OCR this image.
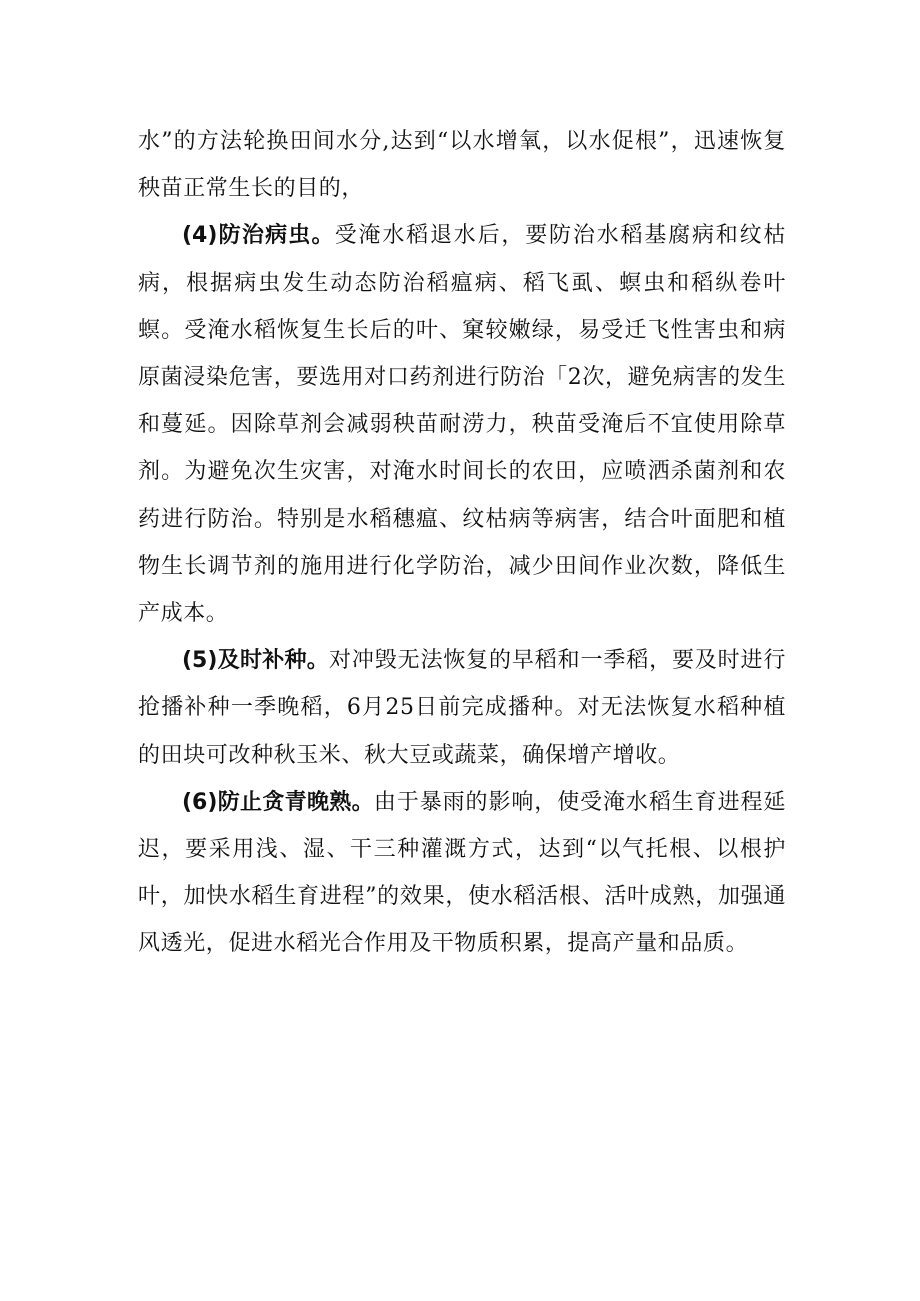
水”的方法轮换田间水分,达到“以水增氧，以水促根”，迅速恢复秧苗正常生长的目的，

(4)防治病虫。受淹水稻退水后，要防治水稻基腐病和纹枯病，根据病虫发生动态防治稻瘟病、稻飞虱、螟虫和稻纵卷叶螟。受淹水稻恢复生长后的叶、窠较嫩绿，易受迁飞性害虫和病原菌浸染危害，要选用对口药剂进行防治「2次，避免病害的发生和蔓延。因除草剂会减弱秧苗耐涝力，秧苗受淹后不宜使用除草剂。为避免次生灾害，对淹水时间长的农田，应喷洒杀菌剂和农药进行防治。特别是水稻穗瘟、纹枯病等病害，结合叶面肥和植物生长调节剂的施用进行化学防治，减少田间作业次数，降低生产成本。

(5)及时补种。对冲毁无法恢复的早稻和一季稻，要及时进行抢播补种一季晚稻，6月25日前完成播种。对无法恢复水稻种植的田块可改种秋玉米、秋大豆或蔬菜，确保增产增收。

(6)防止贪青晚熟。由于暴雨的影响，使受淹水稻生育进程延迟，要采用浅、湿、干三种灌溉方式，达到“以气托根、以根护叶，加快水稻生育进程”的效果，使水稻活根、活叶成熟，加强通风透光，促进水稻光合作用及干物质积累，提高产量和品质。
